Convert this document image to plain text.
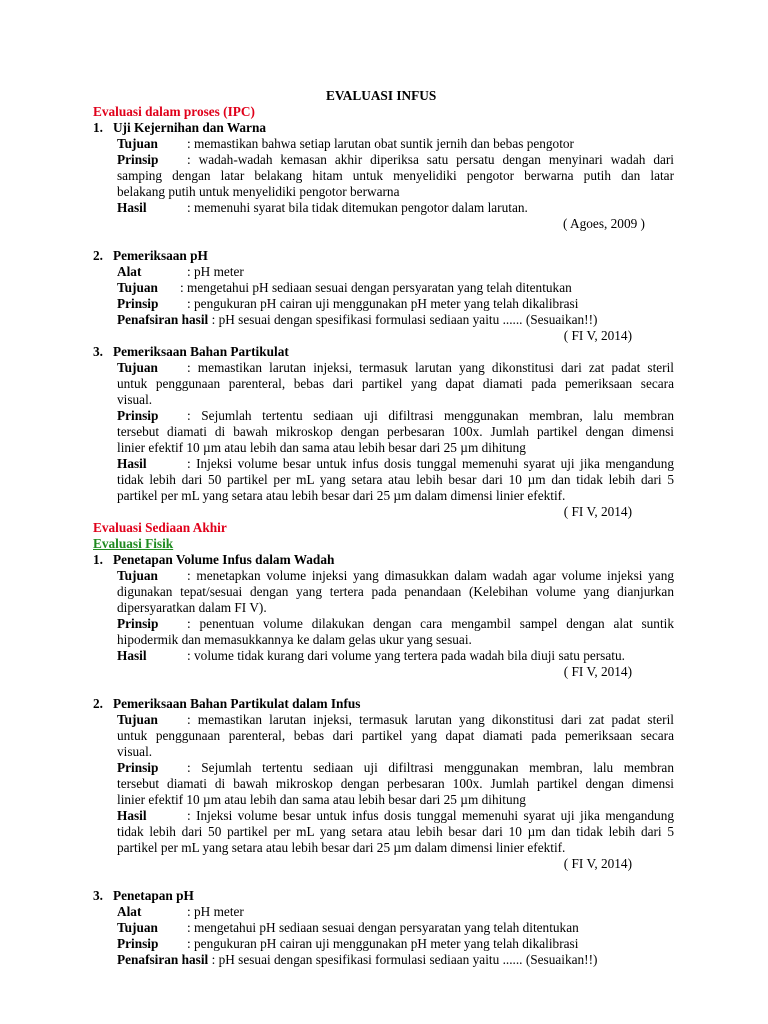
EVALUASI INFUS
Evaluasi dalam proses (IPC)
1.   Uji Kejernihan dan Warna
Tujuan : memastikan bahwa setiap larutan obat suntik jernih dan bebas pengotor
Prinsip : wadah-wadah kemasan akhir diperiksa satu persatu dengan menyinari wadah dari
samping dengan latar belakang hitam untuk menyelidiki pengotor berwarna putih dan latar
belakang putih untuk menyelidiki pengotor berwarna
Hasil	: memenuhi syarat bila tidak ditemukan pengotor dalam larutan.
( Agoes, 2009 )
2.   Pemeriksaan pH
Alat	: pH meter
Tujuan : mengetahui pH sediaan sesuai dengan persyaratan yang telah ditentukan
Prinsip : pengukuran pH cairan uji menggunakan pH meter yang telah dikalibrasi
Penafsiran hasil : pH sesuai dengan spesifikasi formulasi sediaan yaitu ...... (Sesuaikan!!)
( FI V, 2014)
3.   Pemeriksaan Bahan Partikulat
Tujuan : memastikan larutan injeksi, termasuk larutan yang dikonstitusi dari zat padat steril
untuk penggunaan parenteral, bebas dari partikel yang dapat diamati pada pemeriksaan secara
visual.
Prinsip : Sejumlah tertentu sediaan uji difiltrasi menggunakan membran, lalu membran
tersebut diamati di bawah mikroskop dengan perbesaran 100x. Jumlah partikel dengan dimensi
linier efektif 10 µm atau lebih dan sama atau lebih besar dari 25 µm dihitung
Hasil	: Injeksi volume besar untuk infus dosis tunggal memenuhi syarat uji jika mengandung
tidak lebih dari 50 partikel per mL yang setara atau lebih besar dari 10 µm dan tidak lebih dari 5
partikel per mL yang setara atau lebih besar dari 25 µm dalam dimensi linier efektif.
( FI V, 2014)
Evaluasi Sediaan Akhir
Evaluasi Fisik
1.   Penetapan Volume Infus dalam Wadah
Tujuan : menetapkan volume injeksi yang dimasukkan dalam wadah agar volume injeksi yang
digunakan tepat/sesuai dengan yang tertera pada penandaan (Kelebihan volume yang dianjurkan
dipersyaratkan dalam FI V).
Prinsip : penentuan volume dilakukan dengan cara mengambil sampel dengan alat suntik
hipodermik dan memasukkannya ke dalam gelas ukur yang sesuai.
Hasil	: volume tidak kurang dari volume yang tertera pada wadah bila diuji satu persatu.
( FI V, 2014)
2.   Pemeriksaan Bahan Partikulat dalam Infus
Tujuan : memastikan larutan injeksi, termasuk larutan yang dikonstitusi dari zat padat steril
untuk penggunaan parenteral, bebas dari partikel yang dapat diamati pada pemeriksaan secara
visual.
Prinsip : Sejumlah tertentu sediaan uji difiltrasi menggunakan membran, lalu membran
tersebut diamati di bawah mikroskop dengan perbesaran 100x. Jumlah partikel dengan dimensi
linier efektif 10 µm atau lebih dan sama atau lebih besar dari 25 µm dihitung
Hasil	: Injeksi volume besar untuk infus dosis tunggal memenuhi syarat uji jika mengandung
tidak lebih dari 50 partikel per mL yang setara atau lebih besar dari 10 µm dan tidak lebih dari 5
partikel per mL yang setara atau lebih besar dari 25 µm dalam dimensi linier efektif.
( FI V, 2014)
3.   Penetapan pH
Alat	: pH meter
Tujuan : mengetahui pH sediaan sesuai dengan persyaratan yang telah ditentukan
Prinsip : pengukuran pH cairan uji menggunakan pH meter yang telah dikalibrasi
Penafsiran hasil : pH sesuai dengan spesifikasi formulasi sediaan yaitu ...... (Sesuaikan!!)
